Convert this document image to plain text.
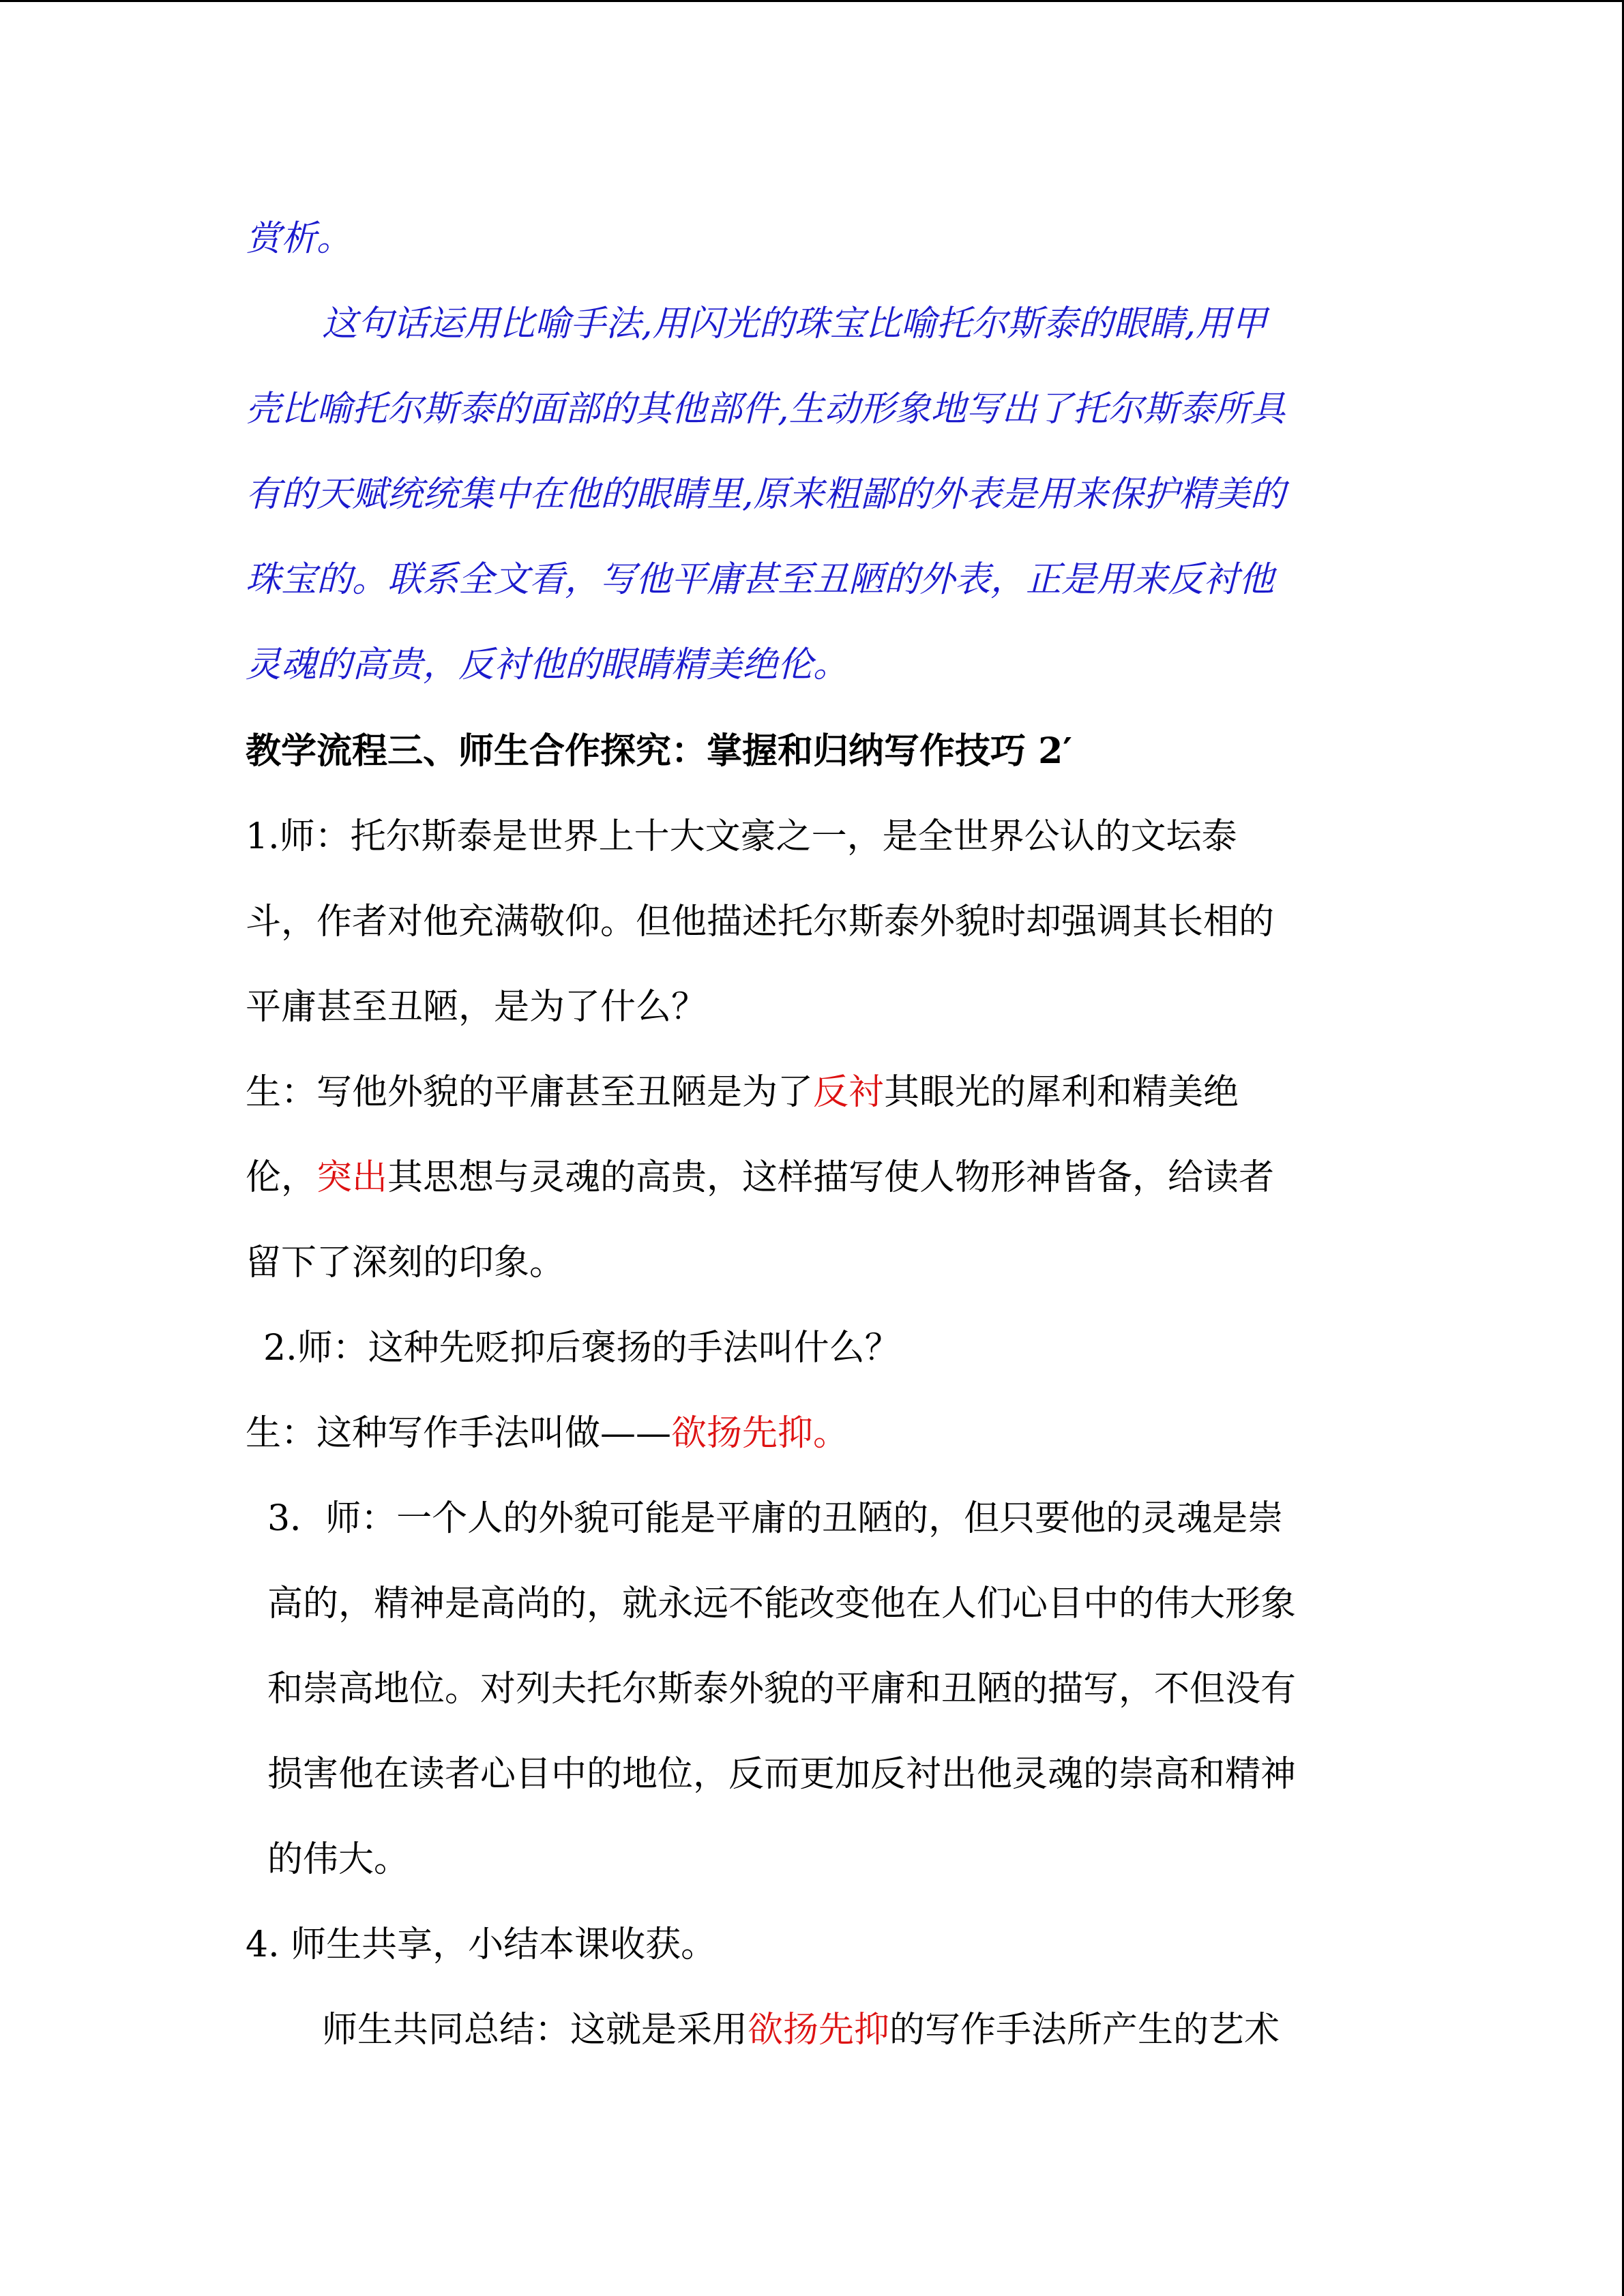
赏析。
这句话运用比喻手法,用闪光的珠宝比喻托尔斯泰的眼睛,用甲
壳比喻托尔斯泰的面部的其他部件,生动形象地写出了托尔斯泰所具
有的天赋统统集中在他的眼睛里,原来粗鄙的外表是用来保护精美的
珠宝的。联系全文看，写他平庸甚至丑陋的外表，正是用来反衬他
灵魂的高贵，反衬他的眼睛精美绝伦。
教学流程三、师生合作探究：掌握和归纳写作技巧 2′
1.师：托尔斯泰是世界上十大文豪之一，是全世界公认的文坛泰
斗，作者对他充满敬仰。但他描述托尔斯泰外貌时却强调其长相的
平庸甚至丑陋，是为了什么？
生：写他外貌的平庸甚至丑陋是为了反衬其眼光的犀利和精美绝
伦，突出其思想与灵魂的高贵，这样描写使人物形神皆备，给读者
留下了深刻的印象。
2.师：这种先贬抑后褒扬的手法叫什么？
生：这种写作手法叫做——欲扬先抑。
3．师：一个人的外貌可能是平庸的丑陋的，但只要他的灵魂是崇
高的，精神是高尚的，就永远不能改变他在人们心目中的伟大形象
和崇高地位。对列夫托尔斯泰外貌的平庸和丑陋的描写，不但没有
损害他在读者心目中的地位，反而更加反衬出他灵魂的崇高和精神
的伟大。
4. 师生共享，小结本课收获。
师生共同总结：这就是采用欲扬先抑的写作手法所产生的艺术
